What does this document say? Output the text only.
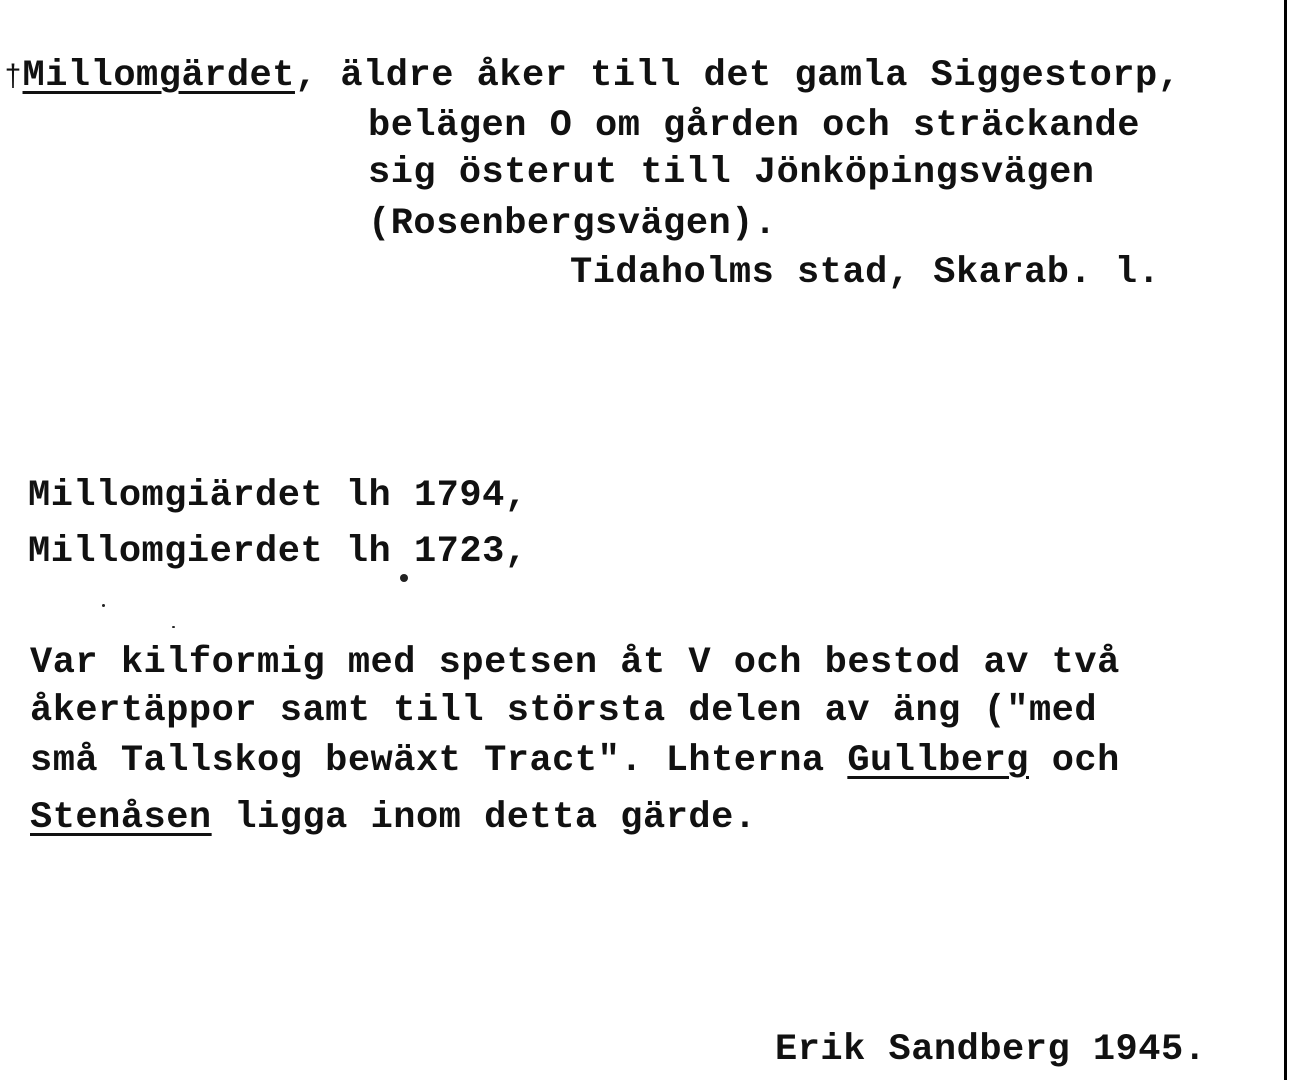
†Millomgärdet, äldre åker till det gamla Siggestorp,
belägen O om gården och sträckande
sig österut till Jönköpingsvägen
(Rosenbergsvägen).
Tidaholms stad, Skarab. l.
Millomgiärdet lh 1794,
Millomgierdet lh 1723,
Var kilformig med spetsen åt V och bestod av två
åkertäppor samt till största delen av äng ("med
små Tallskog bewäxt Tract". Lhterna Gullberg och
Stenåsen ligga inom detta gärde.
Erik Sandberg 1945.
